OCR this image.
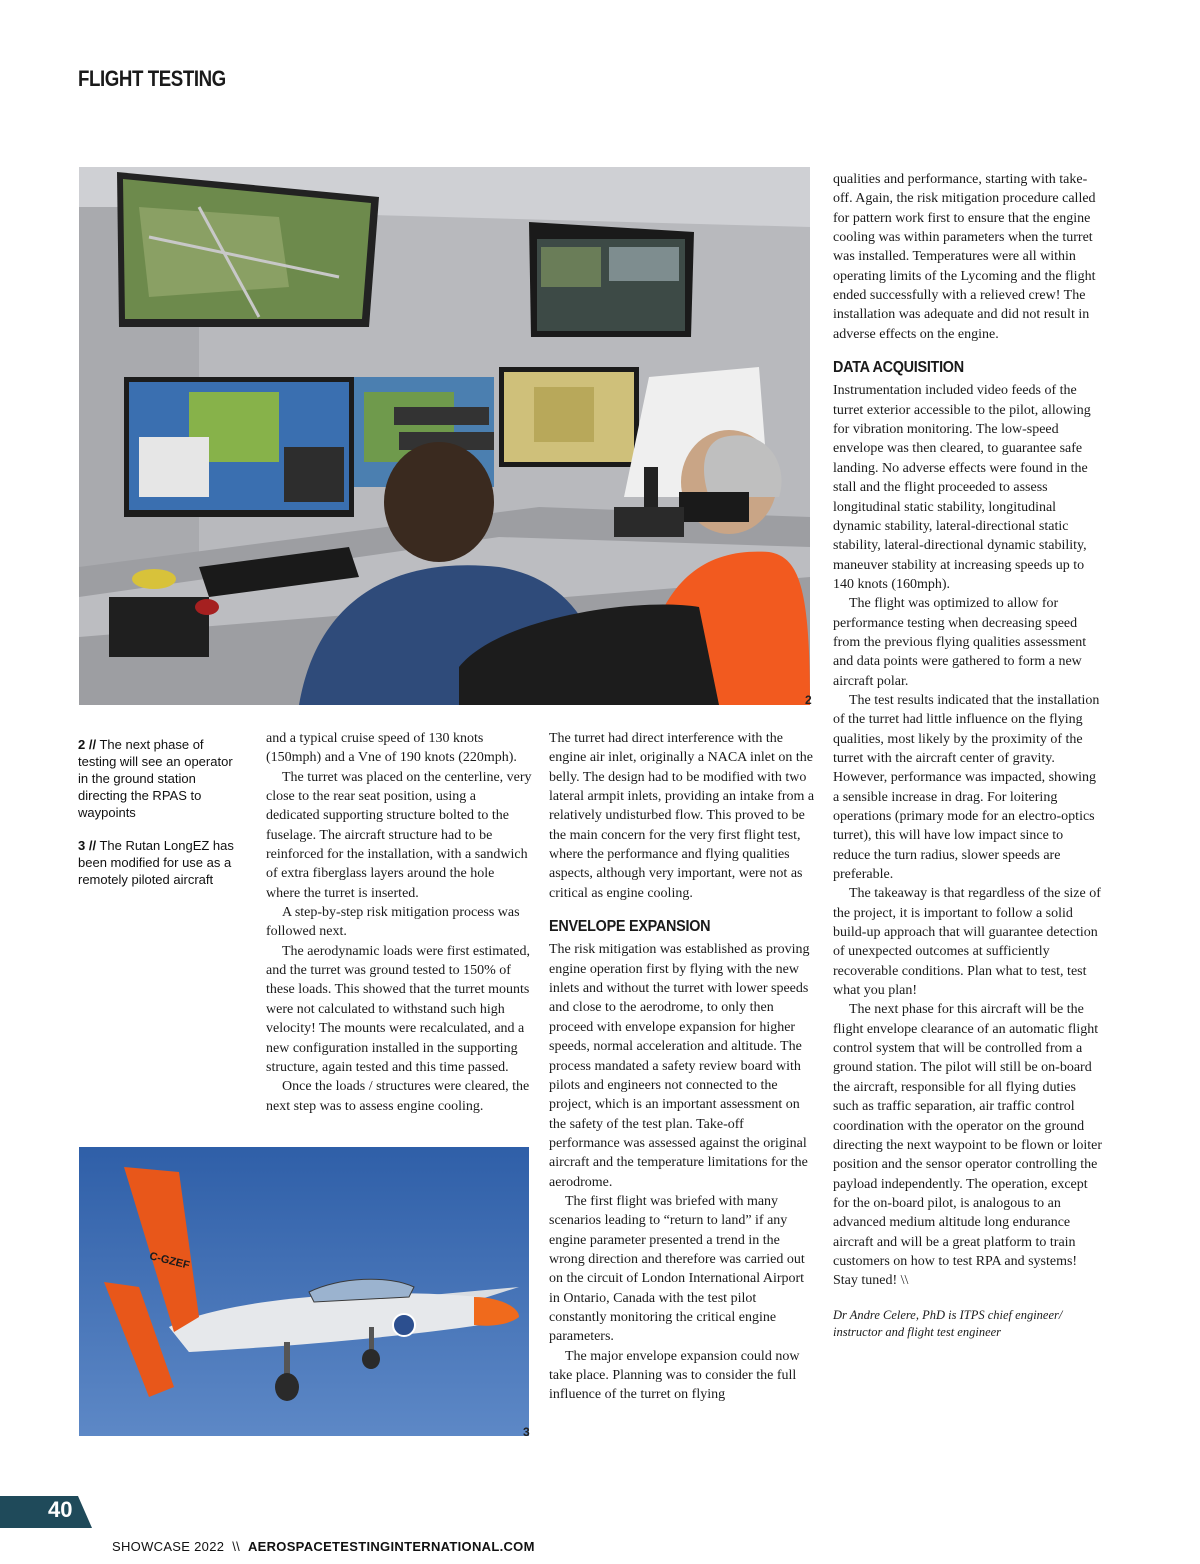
FLIGHT TESTING
2

2 // The next phase of testing will see an operator in the ground station directing the RPAS to waypoints

3 // The Rutan LongEZ has been modified for use as a remotely piloted aircraft

and a typical cruise speed of 130 knots (150mph) and a Vne of 190 knots (220mph).

The turret was placed on the centerline, very close to the rear seat position, using a dedicated supporting structure bolted to the fuselage. The aircraft structure had to be reinforced for the installation, with a sandwich of extra fiberglass layers around the hole where the turret is inserted.

A step-by-step risk mitigation process was followed next.

The aerodynamic loads were first estimated, and the turret was ground tested to 150% of these loads. This showed that the turret mounts were not calculated to withstand such high velocity! The mounts were recalculated, and a new configuration installed in the supporting structure, again tested and this time passed.

Once the loads / structures were cleared, the next step was to assess engine cooling.

C-GZEF
3

The turret had direct interference with the engine air inlet, originally a NACA inlet on the belly. The design had to be modified with two lateral armpit inlets, providing an intake from a relatively undisturbed flow. This proved to be the main concern for the very first flight test, where the performance and flying qualities aspects, although very important, were not as critical as engine cooling.

ENVELOPE EXPANSION

The risk mitigation was established as proving engine operation first by flying with the new inlets and without the turret with lower speeds and close to the aerodrome, to only then proceed with envelope expansion for higher speeds, normal acceleration and altitude. The process mandated a safety review board with pilots and engineers not connected to the project, which is an important assessment on the safety of the test plan. Take-off performance was assessed against the original aircraft and the temperature limitations for the aerodrome.

The first flight was briefed with many scenarios leading to “return to land” if any engine parameter presented a trend in the wrong direction and therefore was carried out on the circuit of London International Airport in Ontario, Canada with the test pilot constantly monitoring the critical engine parameters.

The major envelope expansion could now take place. Planning was to consider the full influence of the turret on flying

qualities and performance, starting with take-off. Again, the risk mitigation procedure called for pattern work first to ensure that the engine cooling was within parameters when the turret was installed. Temperatures were all within operating limits of the Lycoming and the flight ended successfully with a relieved crew! The installation was adequate and did not result in adverse effects on the engine.

DATA ACQUISITION

Instrumentation included video feeds of the turret exterior accessible to the pilot, allowing for vibration monitoring. The low-speed envelope was then cleared, to guarantee safe landing. No adverse effects were found in the stall and the flight proceeded to assess longitudinal static stability, longitudinal dynamic stability, lateral-directional static stability, lateral-directional dynamic stability, maneuver stability at increasing speeds up to 140 knots (160mph).

The flight was optimized to allow for performance testing when decreasing speed from the previous flying qualities assessment and data points were gathered to form a new aircraft polar.

The test results indicated that the installation of the turret had little influence on the flying qualities, most likely by the proximity of the turret with the aircraft center of gravity. However, performance was impacted, showing a sensible increase in drag. For loitering operations (primary mode for an electro-optics turret), this will have low impact since to reduce the turn radius, slower speeds are preferable.

The takeaway is that regardless of the size of the project, it is important to follow a solid build-up approach that will guarantee detection of unexpected outcomes at sufficiently recoverable conditions. Plan what to test, test what you plan!

The next phase for this aircraft will be the flight envelope clearance of an automatic flight control system that will be controlled from a ground station. The pilot will still be on-board the aircraft, responsible for all flying duties such as traffic separation, air traffic control coordination with the operator on the ground directing the next waypoint to be flown or loiter position and the sensor operator controlling the payload independently. The operation, except for the on-board pilot, is analogous to an advanced medium altitude long endurance aircraft and will be a great platform to train customers on how to test RPA and systems! Stay tuned! \\

Dr Andre Celere, PhD is ITPS chief engineer/ instructor and flight test engineer

40
SHOWCASE 2022 \\ AEROSPACETESTINGINTERNATIONAL.COM
